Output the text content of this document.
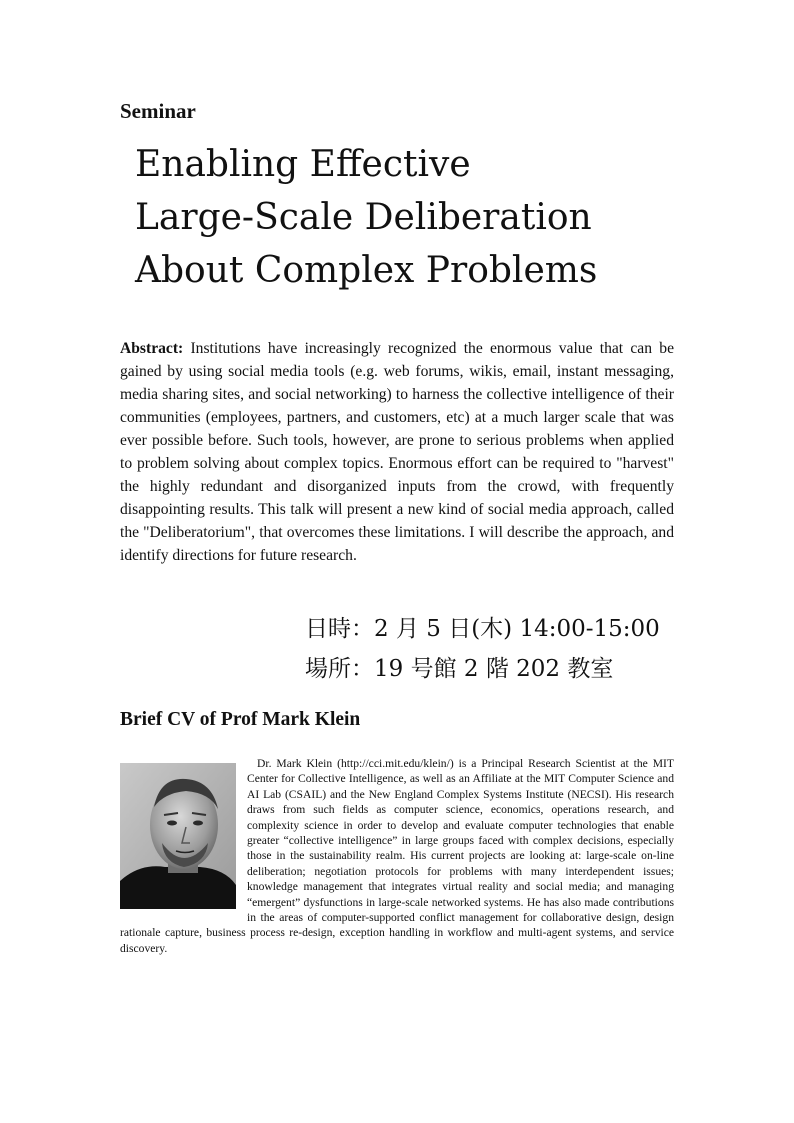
Seminar
Enabling Effective
Large-Scale Deliberation
About Complex Problems
Abstract: Institutions have increasingly recognized the enormous value that can be gained by using social media tools (e.g. web forums, wikis, email, instant messaging, media sharing sites, and social networking) to harness the collective intelligence of their communities (employees, partners, and customers, etc) at a much larger scale that was ever possible before. Such tools, however, are prone to serious problems when applied to problem solving about complex topics. Enormous effort can be required to "harvest" the highly redundant and disorganized inputs from the crowd, with frequently disappointing results. This talk will present a new kind of social media approach, called the "Deliberatorium", that overcomes these limitations. I will describe the approach, and identify directions for future research.
日時：2 月 5 日(木) 14:00-15:00
場所：19 号館 2 階 202 教室
Brief CV of Prof Mark Klein
Dr. Mark Klein (http://cci.mit.edu/klein/) is a Principal Research Scientist at the MIT Center for Collective Intelligence, as well as an Affiliate at the MIT Computer Science and AI Lab (CSAIL) and the New England Complex Systems Institute (NECSI). His research draws from such fields as computer science, economics, operations research, and complexity science in order to develop and evaluate computer technologies that enable greater “collective intelligence” in large groups faced with complex decisions, especially those in the sustainability realm. His current projects are looking at: large-scale on-line deliberation; negotiation protocols for problems with many interdependent issues; knowledge management that integrates virtual reality and social media; and managing “emergent” dysfunctions in large-scale networked systems. He has also made contributions in the areas of computer-supported conflict management for collaborative design, design rationale capture, business process re-design, exception handling in workflow and multi-agent systems, and service discovery.
